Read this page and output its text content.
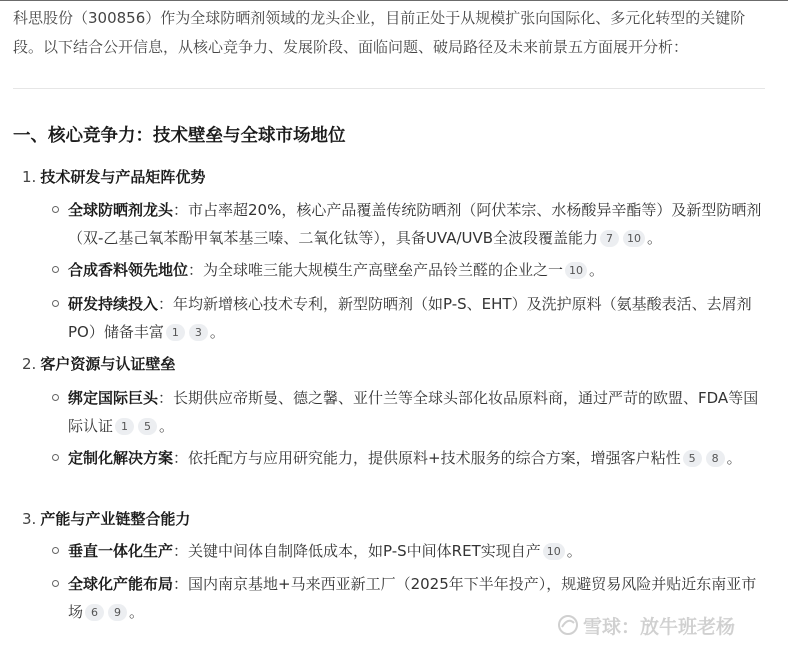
科思股份（300856）作为全球防晒剂领域的龙头企业，目前正处于从规模扩张向国际化、多元化转型的关键阶段。以下结合公开信息，从核心竞争力、发展阶段、面临问题、破局路径及未来前景五方面展开分析：
一、核心竞争力：技术壁垒与全球市场地位
1. 技术研发与产品矩阵优势
全球防晒剂龙头：市占率超20%，核心产品覆盖传统防晒剂（阿伏苯宗、水杨酸异辛酯等）及新型防晒剂（双-乙基己氧苯酚甲氧苯基三嗪、二氧化钛等），具备UVA/UVB全波段覆盖能力 7 10 。
合成香料领先地位：为全球唯三能大规模生产高壁垒产品铃兰醛的企业之一 10 。
研发持续投入：年均新增核心技术专利，新型防晒剂（如P-S、EHT）及洗护原料（氨基酸表活、去屑剂PO）储备丰富 1 3 。
2. 客户资源与认证壁垒
绑定国际巨头：长期供应帝斯曼、德之馨、亚什兰等全球头部化妆品原料商，通过严苛的欧盟、FDA等国际认证 1 5 。
定制化解决方案：依托配方与应用研究能力，提供原料+技术服务的综合方案，增强客户粘性 5 8 。
3. 产能与产业链整合能力
垂直一体化生产：关键中间体自制降低成本，如P-S中间体RET实现自产 10 。
全球化产能布局：国内南京基地+马来西亚新工厂（2025年下半年投产），规避贸易风险并贴近东南亚市场 6 9 。
雪球：放牛班老杨
